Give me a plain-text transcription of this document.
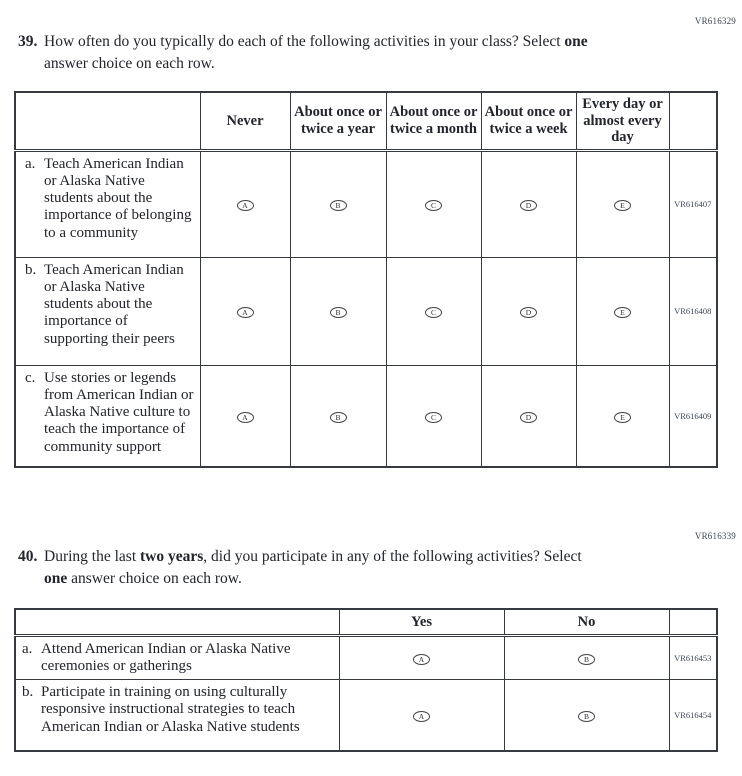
VR616329
39. How often do you typically do each of the following activities in your class? Select one
answer choice on each row.
	Never	About once or twice a year	About once or twice a month	About once or twice a week	Every day or almost every day	

a. Teach American Indian or Alaska Native students about the importance of belonging to a community	A	B	C	D	E	VR616407

b. Teach American Indian or Alaska Native students about the importance of supporting their peers	A	B	C	D	E	VR616408

c. Use stories or legends from American Indian or Alaska Native culture to teach the importance of community support	A	B	C	D	E	VR616409
VR616339
40. During the last two years, did you participate in any of the following activities? Select
one answer choice on each row.
	Yes	No	

a. Attend American Indian or Alaska Native ceremonies or gatherings	A	B	VR616453

b. Participate in training on using culturally responsive instructional strategies to teach American Indian or Alaska Native students	A	B	VR616454
